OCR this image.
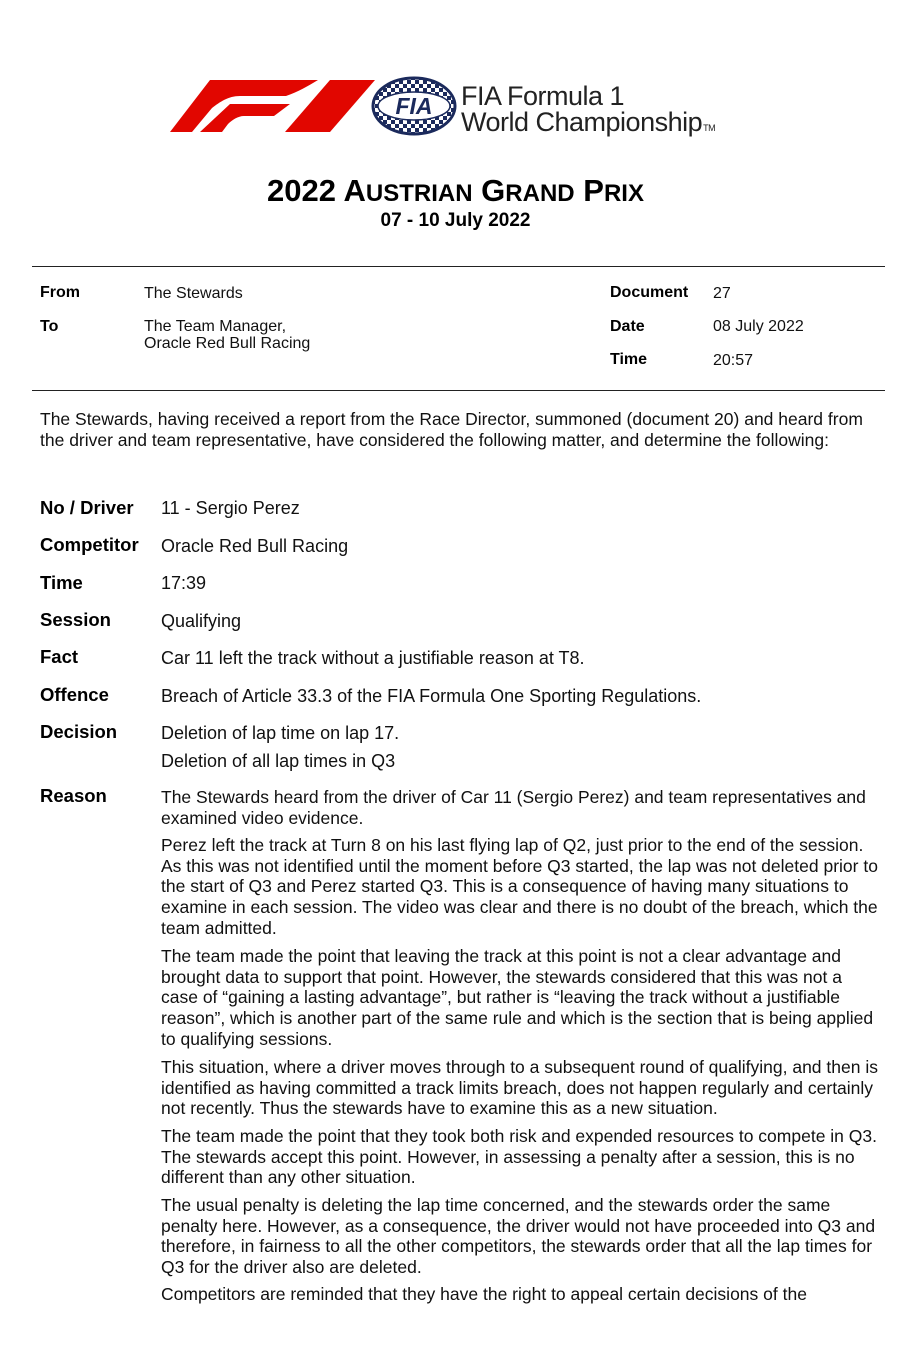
FIA FIA Formula 1
World ChampionshipTM
2022 AUSTRIAN GRAND PRIX
07 - 10 July 2022
From	The Stewards
To	The Team Manager,
Oracle Red Bull Racing
Document 27
Date	08 July 2022
Time	20:57
The Stewards, having received a report from the Race Director, summoned (document 20) and heard from the driver and team representative, have considered the following matter, and determine the following:
No / Driver 11 - Sergio Perez
Competitor Oracle Red Bull Racing
Time	17:39
Session	Qualifying
Fact	Car 11 left the track without a justifiable reason at T8.
Offence	Breach of Article 33.3 of the FIA Formula One Sporting Regulations.
Decision Deletion of lap time on lap 17.
Deletion of all lap times in Q3
Reason	The Stewards heard from the driver of Car 11 (Sergio Perez) and team representatives and examined video evidence.
Perez left the track at Turn 8 on his last flying lap of Q2, just prior to the end of the session. As this was not identified until the moment before Q3 started, the lap was not deleted prior to the start of Q3 and Perez started Q3. This is a consequence of having many situations to examine in each session. The video was clear and there is no doubt of the breach, which the team admitted.
The team made the point that leaving the track at this point is not a clear advantage and brought data to support that point. However, the stewards considered that this was not a case of “gaining a lasting advantage”, but rather is “leaving the track without a justifiable reason”, which is another part of the same rule and which is the section that is being applied to qualifying sessions.
This situation, where a driver moves through to a subsequent round of qualifying, and then is identified as having committed a track limits breach, does not happen regularly and certainly not recently. Thus the stewards have to examine this as a new situation.
The team made the point that they took both risk and expended resources to compete in Q3. The stewards accept this point. However, in assessing a penalty after a session, this is no different than any other situation.
The usual penalty is deleting the lap time concerned, and the stewards order the same penalty here. However, as a consequence, the driver would not have proceeded into Q3 and therefore, in fairness to all the other competitors, the stewards order that all the lap times for Q3 for the driver also are deleted.
Competitors are reminded that they have the right to appeal certain decisions of the
